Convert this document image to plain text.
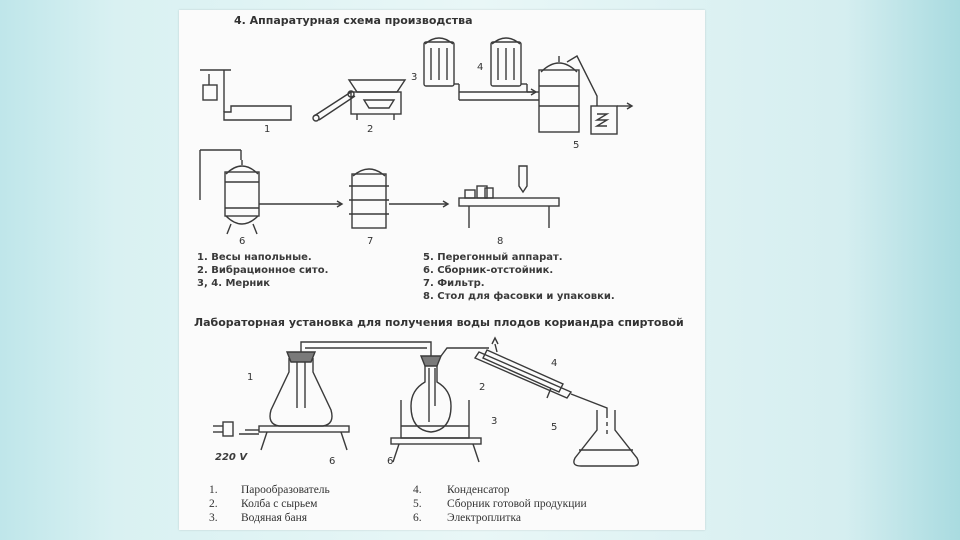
4. Аппаратурная схема производства
1	2
3
4
5
6	7	8
1. Весы напольные.
2. Вибрационное сито.
3, 4. Мерник
5. Перегонный аппарат.
6. Сборник-отстойник.
7. Фильтр.
8. Стол для фасовки и упаковки.
Лабораторная установка для получения воды плодов кориандра спиртовой
1
2
3
4
5
6	6
220 V
1. Парообразователь
2. Колба с сырьем
3. Водяная баня
4. Конденсатор
5. Сборник готовой продукции
6. Электроплитка
